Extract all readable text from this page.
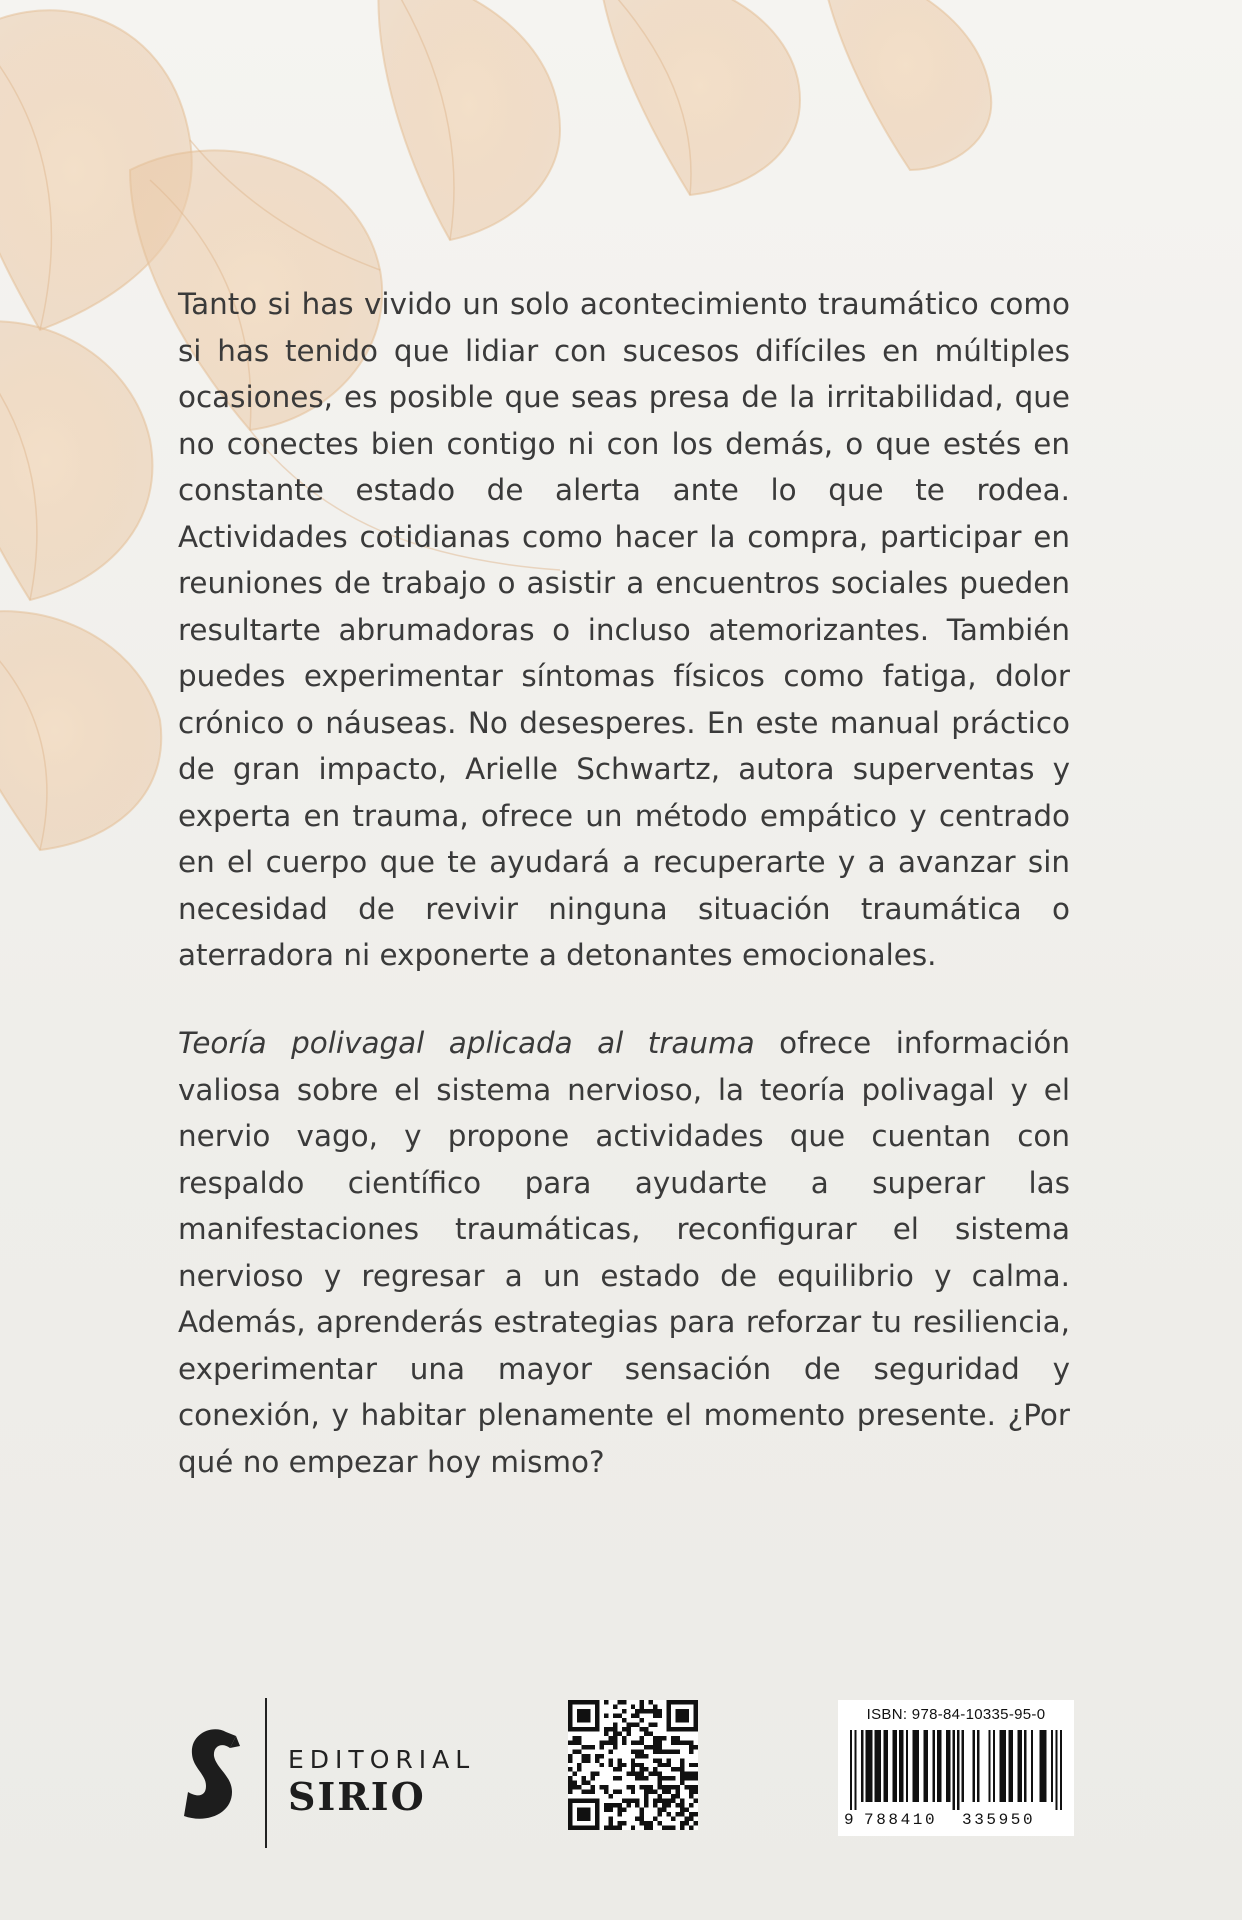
Tanto si has vivido un solo acontecimiento traumático como si has tenido que lidiar con sucesos difíciles en múltiples ocasiones, es posible que seas presa de la irritabilidad, que no conectes bien contigo ni con los demás, o que estés en constante estado de alerta ante lo que te rodea. Actividades cotidianas como hacer la compra, participar en reuniones de trabajo o asistir a encuentros sociales pueden resultarte abrumadoras o incluso atemorizantes. También puedes experimentar síntomas físicos como fatiga, dolor crónico o náuseas. No desesperes. En este manual práctico de gran impacto, Arielle Schwartz, autora superventas y experta en trauma, ofrece un método empático y centrado en el cuerpo que te ayudará a recuperarte y a avanzar sin necesidad de revivir ninguna situación traumática o aterradora ni exponerte a detonantes emocionales.

Teoría polivagal aplicada al trauma ofrece información valiosa sobre el sistema nervioso, la teoría polivagal y el nervio vago, y propone actividades que cuentan con respaldo científico para ayudarte a superar las manifestaciones traumáticas, reconfigurar el sistema nervioso y regresar a un estado de equilibrio y calma. Además, aprenderás estrategias para reforzar tu resiliencia, experimentar una mayor sensación de seguridad y conexión, y habitar plenamente el momento presente. ¿Por qué no empezar hoy mismo?

EDITORIAL
SIRIO
ISBN: 978-84-10335-95-0
9 788410 335950
